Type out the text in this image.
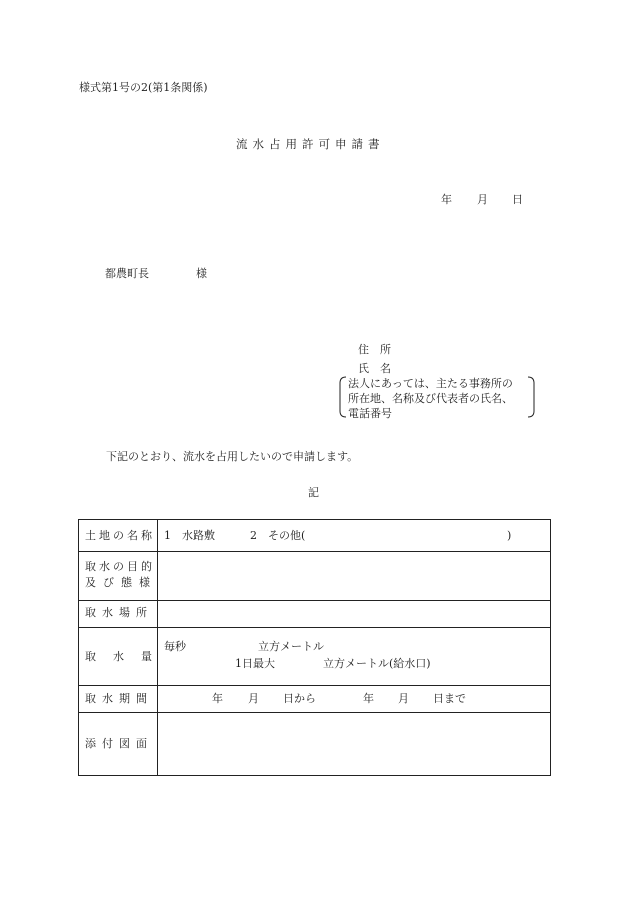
様式第1号の2(第1条関係)
流水占用許可申請書
年 月 日
都農町長	様
住　所
氏　名
法人にあっては、主たる事務所の
所在地、名称及び代表者の氏名、
電話番号
下記のとおり、流水を占用したいので申請します。
記
土地の名称 1　水路敷	2　その他(	)
取水の目的
及び態様
取水場所
取 水 量
毎秒	立方メートル
1日最大	立方メートル(給水口)
取水期間	年 月 日から	年 月 日まで
添付図面
